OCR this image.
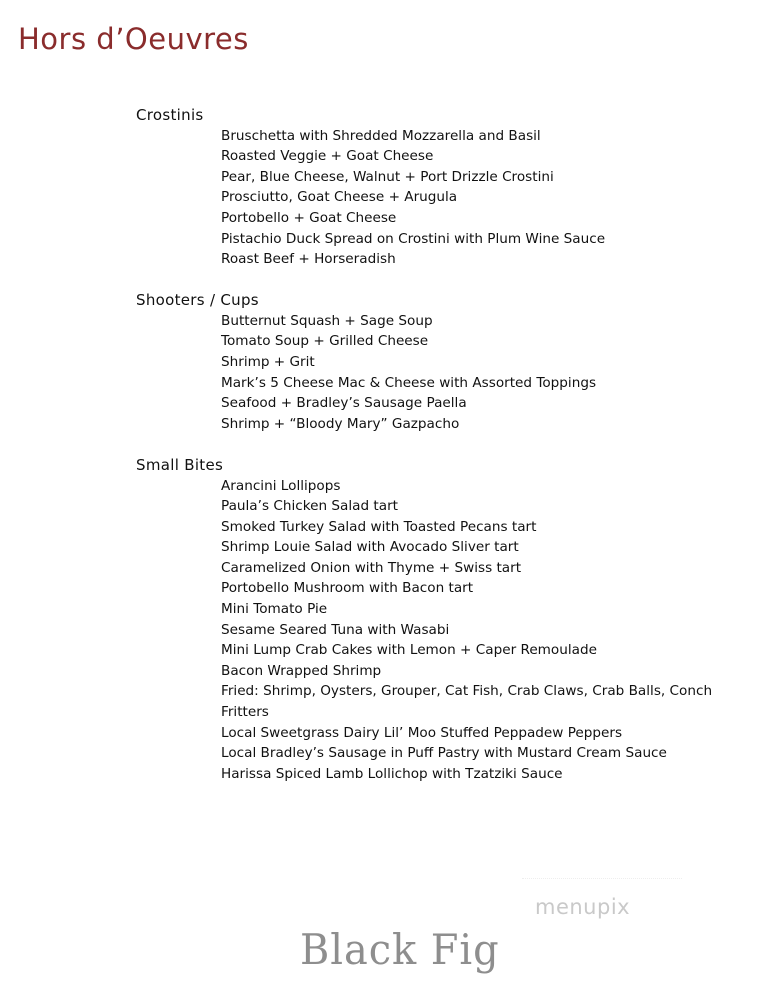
Hors d’Oeuvres
Crostinis
Bruschetta with Shredded Mozzarella and Basil
Roasted Veggie + Goat Cheese
Pear, Blue Cheese, Walnut + Port Drizzle Crostini
Prosciutto, Goat Cheese + Arugula
Portobello + Goat Cheese
Pistachio Duck Spread on Crostini with Plum Wine Sauce
Roast Beef + Horseradish
Shooters / Cups
Butternut Squash + Sage Soup
Tomato Soup + Grilled Cheese
Shrimp + Grit
Mark’s 5 Cheese Mac & Cheese with Assorted Toppings
Seafood + Bradley’s Sausage Paella
Shrimp + “Bloody Mary” Gazpacho
Small Bites
Arancini Lollipops
Paula’s Chicken Salad tart
Smoked Turkey Salad with Toasted Pecans tart
Shrimp Louie Salad with Avocado Sliver tart
Caramelized Onion with Thyme + Swiss tart
Portobello Mushroom with Bacon tart
Mini Tomato Pie
Sesame Seared Tuna with Wasabi
Mini Lump Crab Cakes with Lemon + Caper Remoulade
Bacon Wrapped Shrimp
Fried: Shrimp, Oysters, Grouper, Cat Fish, Crab Claws, Crab Balls, Conch Fritters
Local Sweetgrass Dairy Lil’ Moo Stuffed Peppadew Peppers
Local Bradley’s Sausage in Puff Pastry with Mustard Cream Sauce
Harissa Spiced Lamb Lollichop with Tzatziki Sauce
menupix
Black Fig
